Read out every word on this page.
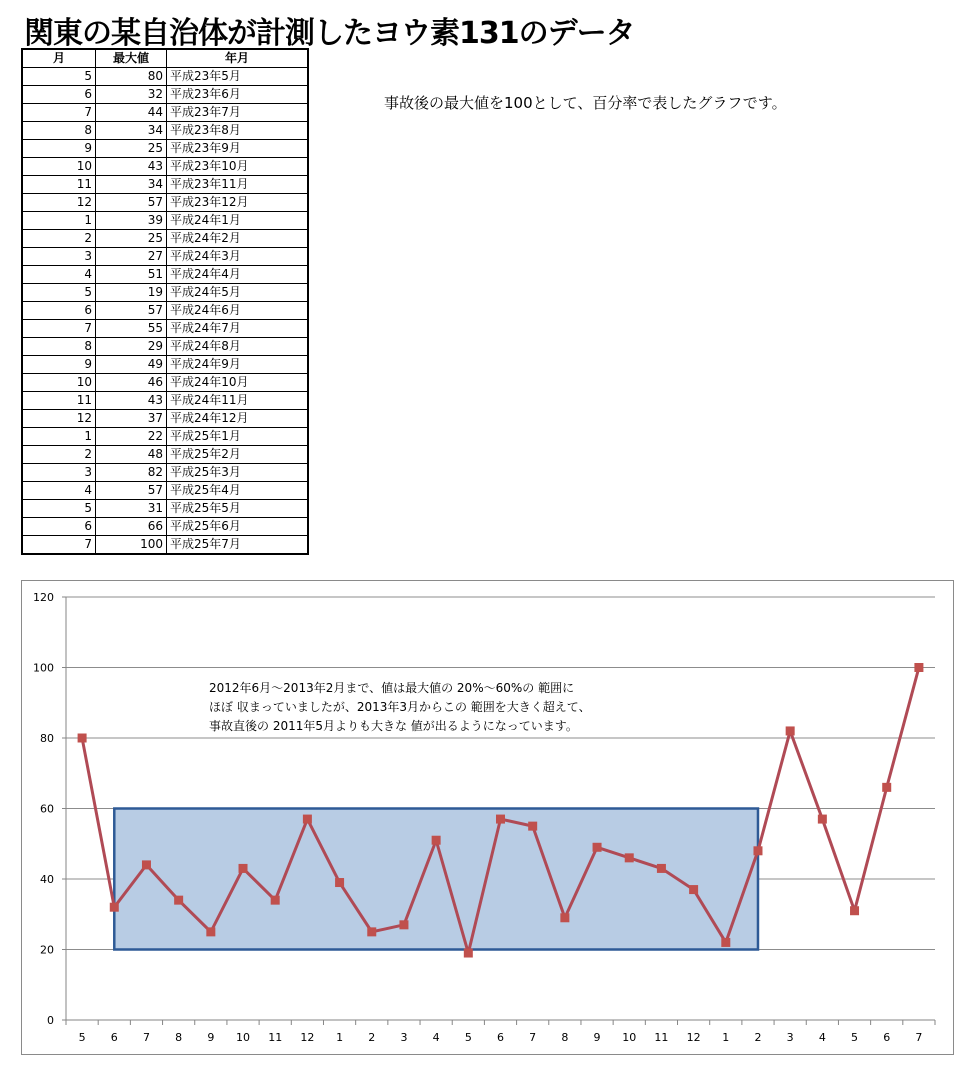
関東の某自治体が計測したヨウ素131のデータ
月	最大値	年月
5	80	平成23年5月
6	32	平成23年6月
7	44	平成23年7月
8	34	平成23年8月
9	25	平成23年9月
10	43	平成23年10月
11	34	平成23年11月
12	57	平成23年12月
1	39	平成24年1月
2	25	平成24年2月
3	27	平成24年3月
4	51	平成24年4月
5	19	平成24年5月
6	57	平成24年6月
7	55	平成24年7月
8	29	平成24年8月
9	49	平成24年9月
10	46	平成24年10月
11	43	平成24年11月
12	37	平成24年12月
1	22	平成25年1月
2	48	平成25年2月
3	82	平成25年3月
4	57	平成25年4月
5	31	平成25年5月
6	66	平成25年6月
7	100	平成25年7月
事故後の最大値を100として、百分率で表したグラフです。
0
20
40
60
80
100
120
5 6 7 8 9 10 11 12 1 2 3 4 5 6 7 8 9 10 11 12 1 2 3 4 5 6 7
2012年6月～2013年2月まで、値は最大値の 20%～60%の 範囲に
ほぼ 収まっていましたが、2013年3月からこの 範囲を大きく超えて、
事故直後の 2011年5月よりも大きな 値が出るようになっています。
